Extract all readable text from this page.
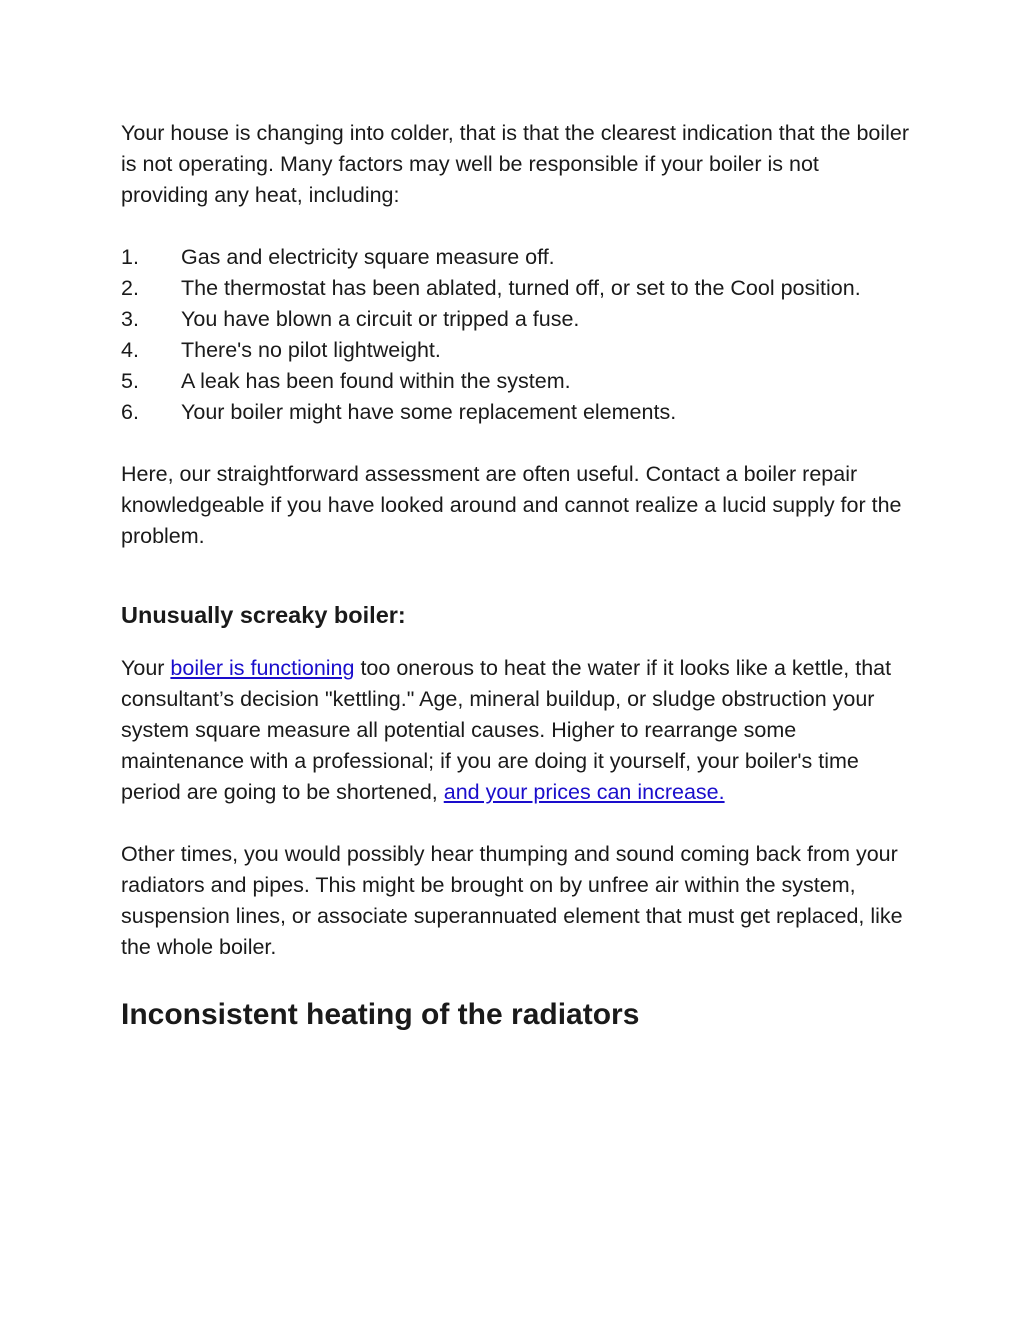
Your house is changing into colder, that is that the clearest indication that the boiler is not operating. Many factors may well be responsible if your boiler is not providing any heat, including:

1. Gas and electricity square measure off.
2. The thermostat has been ablated, turned off, or set to the Cool position.
3. You have blown a circuit or tripped a fuse.
4. There's no pilot lightweight.
5. A leak has been found within the system.
6. Your boiler might have some replacement elements.

Here, our straightforward assessment are often useful. Contact a boiler repair knowledgeable if you have looked around and cannot realize a lucid supply for the problem.

Unusually screaky boiler:

Your boiler is functioning too onerous to heat the water if it looks like a kettle, that consultant’s decision "kettling." Age, mineral buildup, or sludge obstruction your system square measure all potential causes. Higher to rearrange some maintenance with a professional; if you are doing it yourself, your boiler's time period are going to be shortened, and your prices can increase.

Other times, you would possibly hear thumping and sound coming back from your radiators and pipes. This might be brought on by unfree air within the system, suspension lines, or associate superannuated element that must get replaced, like the whole boiler.

Inconsistent heating of the radiators
